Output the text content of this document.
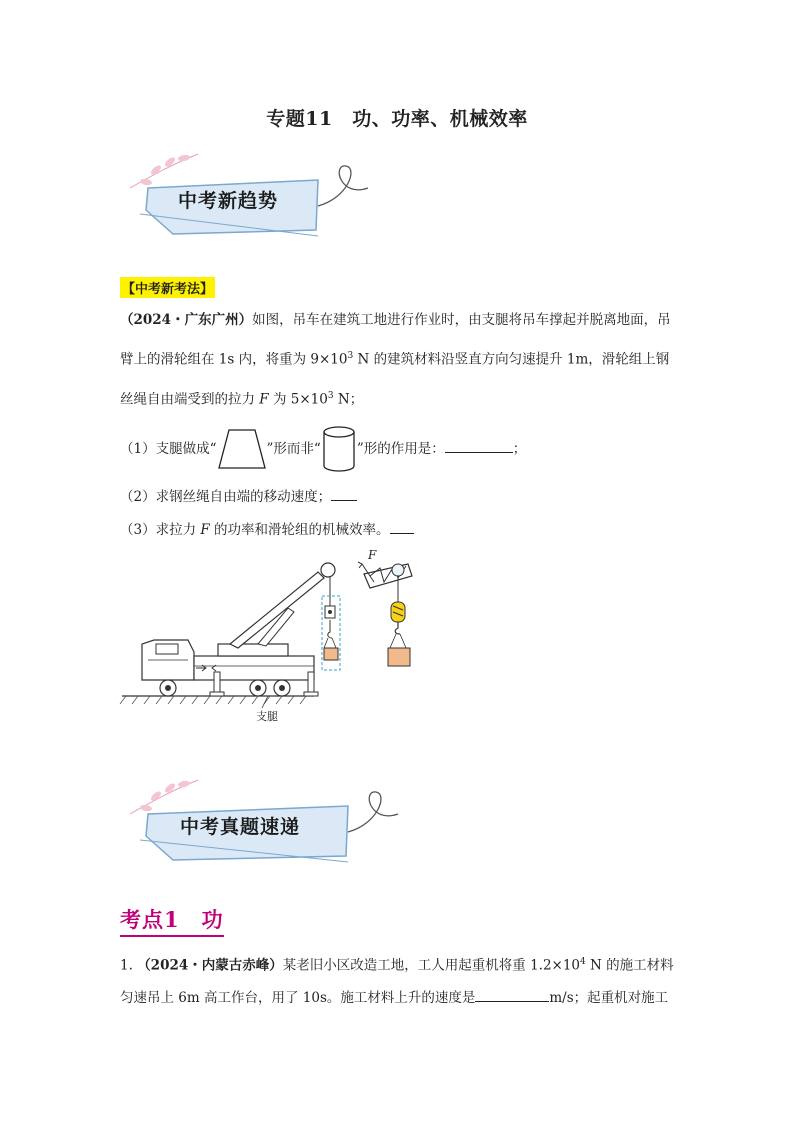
专题11　功、功率、机械效率
中考新趋势
【中考新考法】
（2024・广东广州）如图，吊车在建筑工地进行作业时，由支腿将吊车撑起并脱离地面，吊
臂上的滑轮组在 1s 内，将重为 $9\times 10^3$ N 的建筑材料沿竖直方向匀速提升 1m，滑轮组上钢
丝绳自由端受到的拉力 F 为 $5\times 10^3$ N；
（1）支腿做成“	”形而非“	”形的作用是：	；
（2）求钢丝绳自由端的移动速度；
（3）求拉力 F 的功率和滑轮组的机械效率。
F
支腿
中考真题速递
考点1　功
1. （2024・内蒙古赤峰）某老旧小区改造工地，工人用起重机将重 $1.2\times 10^4$ N 的施工材料
匀速吊上 6m 高工作台，用了 10s。施工材料上升的速度是	m/s；起重机对施工
